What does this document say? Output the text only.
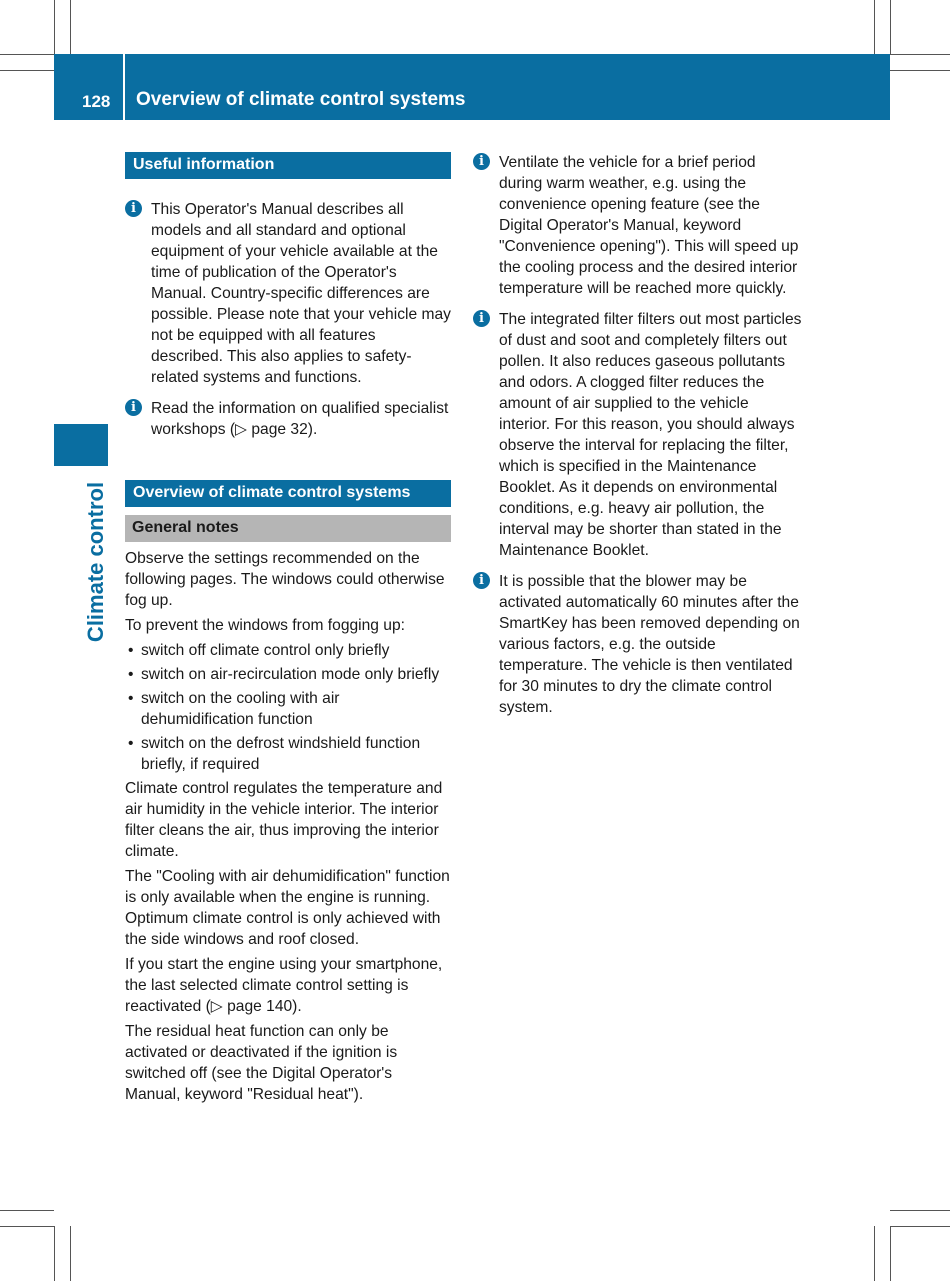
128 Overview of climate control systems
Climate control
Useful information
i This Operator's Manual describes all models and all standard and optional equipment of your vehicle available at the time of publication of the Operator's Manual. Country-specific differences are possible. Please note that your vehicle may not be equipped with all features described. This also applies to safety-related systems and functions.
i Read the information on qualified specialist workshops (▷ page 32).
Overview of climate control systems
General notes

Observe the settings recommended on the following pages. The windows could otherwise fog up.

To prevent the windows from fogging up:

• switch off climate control only briefly
• switch on air-recirculation mode only briefly
• switch on the cooling with air dehumidification function
• switch on the defrost windshield function briefly, if required

Climate control regulates the temperature and air humidity in the vehicle interior. The interior filter cleans the air, thus improving the interior climate.

The "Cooling with air dehumidification" function is only available when the engine is running. Optimum climate control is only achieved with the side windows and roof closed.

If you start the engine using your smartphone, the last selected climate control setting is reactivated (▷ page 140).

The residual heat function can only be activated or deactivated if the ignition is switched off (see the Digital Operator's Manual, keyword "Residual heat").

i Ventilate the vehicle for a brief period during warm weather, e.g. using the convenience opening feature (see the Digital Operator's Manual, keyword "Convenience opening"). This will speed up the cooling process and the desired interior temperature will be reached more quickly.
i The integrated filter filters out most particles of dust and soot and completely filters out pollen. It also reduces gaseous pollutants and odors. A clogged filter reduces the amount of air supplied to the vehicle interior. For this reason, you should always observe the interval for replacing the filter, which is specified in the Maintenance Booklet. As it depends on environmental conditions, e.g. heavy air pollution, the interval may be shorter than stated in the Maintenance Booklet.
i It is possible that the blower may be activated automatically 60 minutes after the SmartKey has been removed depending on various factors, e.g. the outside temperature. The vehicle is then ventilated for 30 minutes to dry the climate control system.
